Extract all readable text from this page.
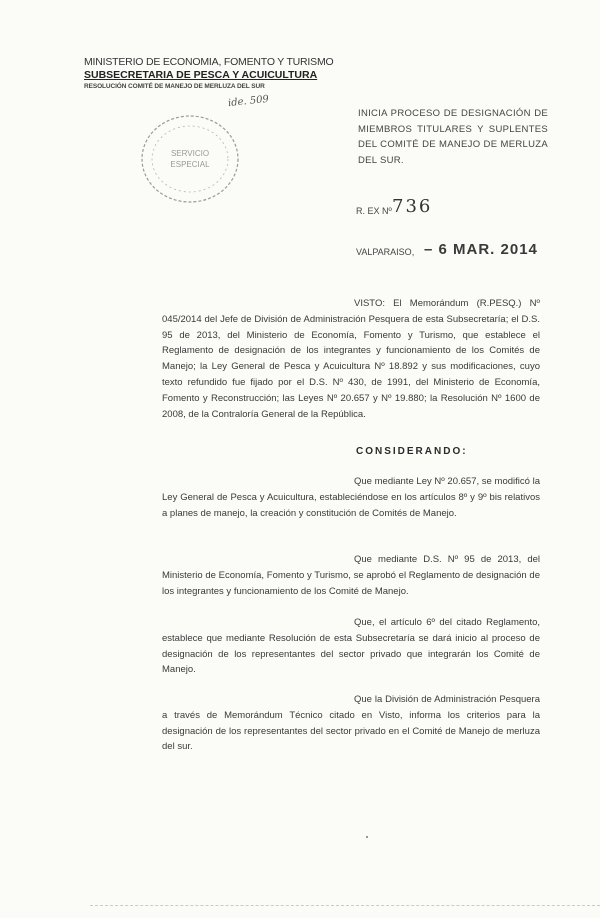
MINISTERIO DE ECONOMIA, FOMENTO Y TURISMO
SUBSECRETARIA DE PESCA Y ACUICULTURA
RESOLUCIÓN COMITÉ DE MANEJO DE MERLUZA DEL SUR
ide. 509
SERVICIO
ESPECIAL
INICIA PROCESO DE DESIGNACIÓN DE MIEMBROS TITULARES Y SUPLENTES DEL COMITÉ DE MANEJO DE MERLUZA DEL SUR.
R. EX Nº 736
VALPARAISO, – 6 MAR. 2014
VISTO: El Memorándum (R.PESQ.) Nº 045/2014 del Jefe de División de Administración Pesquera de esta Subsecretaría; el D.S. 95 de 2013, del Ministerio de Economía, Fomento y Turismo, que establece el Reglamento de designación de los integrantes y funcionamiento de los Comités de Manejo; la Ley General de Pesca y Acuicultura Nº 18.892 y sus modificaciones, cuyo texto refundido fue fijado por el D.S. Nº 430, de 1991, del Ministerio de Economía, Fomento y Reconstrucción; las Leyes Nº 20.657 y Nº 19.880; la Resolución Nº 1600 de 2008, de la Contraloría General de la República.
CONSIDERANDO:
Que mediante Ley Nº 20.657, se modificó la Ley General de Pesca y Acuicultura, estableciéndose en los artículos 8º y 9º bis relativos a planes de manejo, la creación y constitución de Comités de Manejo.
Que mediante D.S. Nº 95 de 2013, del Ministerio de Economía, Fomento y Turismo, se aprobó el Reglamento de designación de los integrantes y funcionamiento de los Comité de Manejo.
Que, el artículo 6º del citado Reglamento, establece que mediante Resolución de esta Subsecretaría se dará inicio al proceso de designación de los representantes del sector privado que integrarán los Comité de Manejo.
Que la División de Administración Pesquera a través de Memorándum Técnico citado en Visto, informa los criterios para la designación de los representantes del sector privado en el Comité de Manejo de merluza del sur.
